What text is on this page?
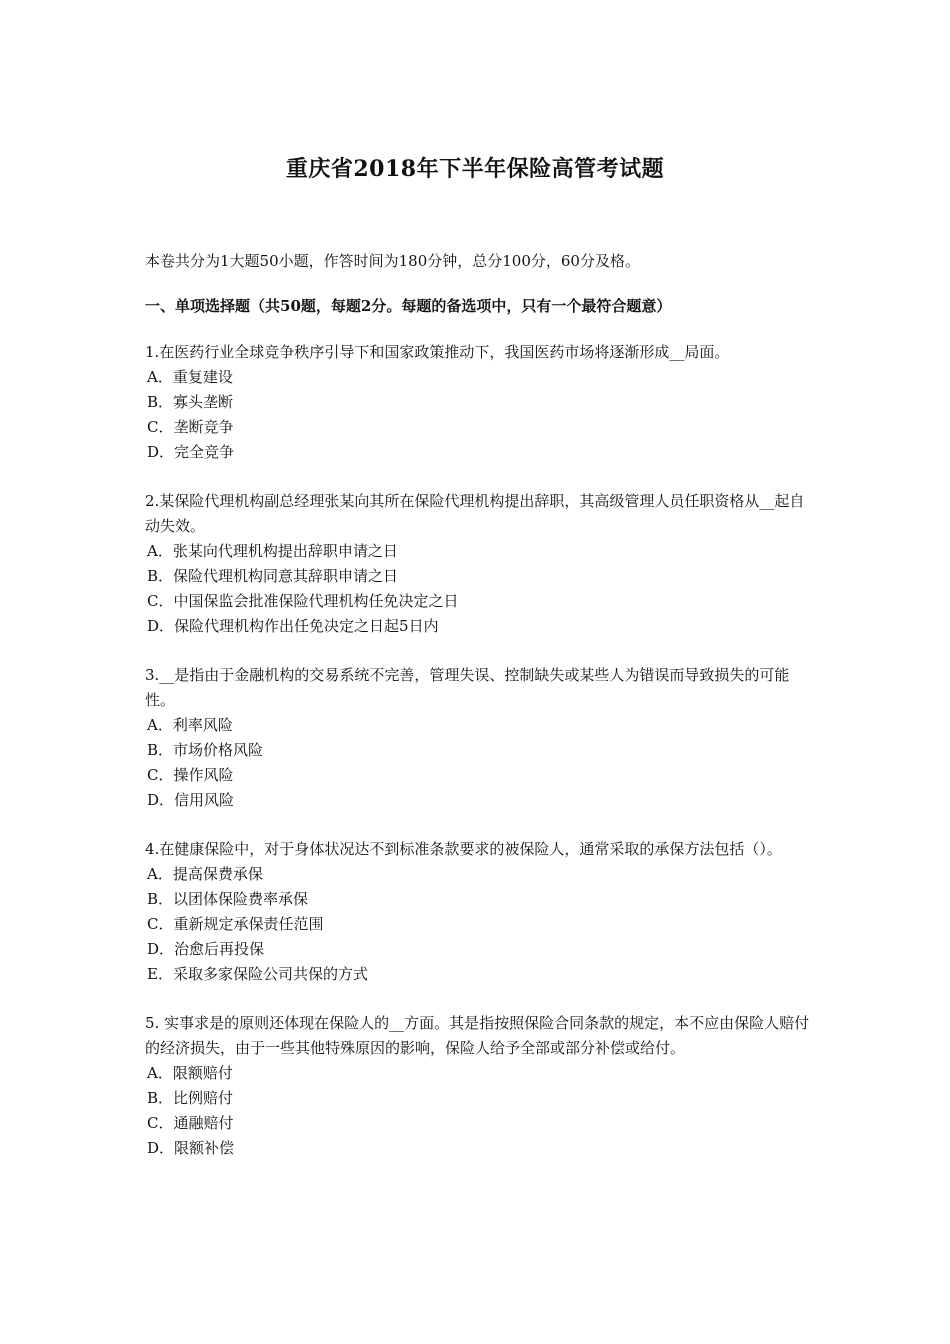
重庆省2018年下半年保险高管考试题

本卷共分为1大题50小题，作答时间为180分钟，总分100分，60分及格。

一、单项选择题（共50题，每题2分。每题的备选项中，只有一个最符合题意）

1.在医药行业全球竞争秩序引导下和国家政策推动下，我国医药市场将逐渐形成__局面。

A．重复建设
B．寡头垄断
C．垄断竞争
D．完全竞争

2.某保险代理机构副总经理张某向其所在保险代理机构提出辞职，其高级管理人员任职资格从__起自动失效。

A．张某向代理机构提出辞职申请之日
B．保险代理机构同意其辞职申请之日
C．中国保监会批准保险代理机构任免决定之日
D．保险代理机构作出任免决定之日起5日内

3.__是指由于金融机构的交易系统不完善，管理失误、控制缺失或某些人为错误而导致损失的可能性。

A．利率风险
B．市场价格风险
C．操作风险
D．信用风险

4.在健康保险中，对于身体状况达不到标准条款要求的被保险人，通常采取的承保方法包括（）。

A．提高保费承保
B．以团体保险费率承保
C．重新规定承保责任范围
D．治愈后再投保
E．采取多家保险公司共保的方式

5. 实事求是的原则还体现在保险人的__方面。其是指按照保险合同条款的规定，本不应由保险人赔付的经济损失，由于一些其他特殊原因的影响，保险人给予全部或部分补偿或给付。

A．限额赔付
B．比例赔付
C．通融赔付
D．限额补偿
